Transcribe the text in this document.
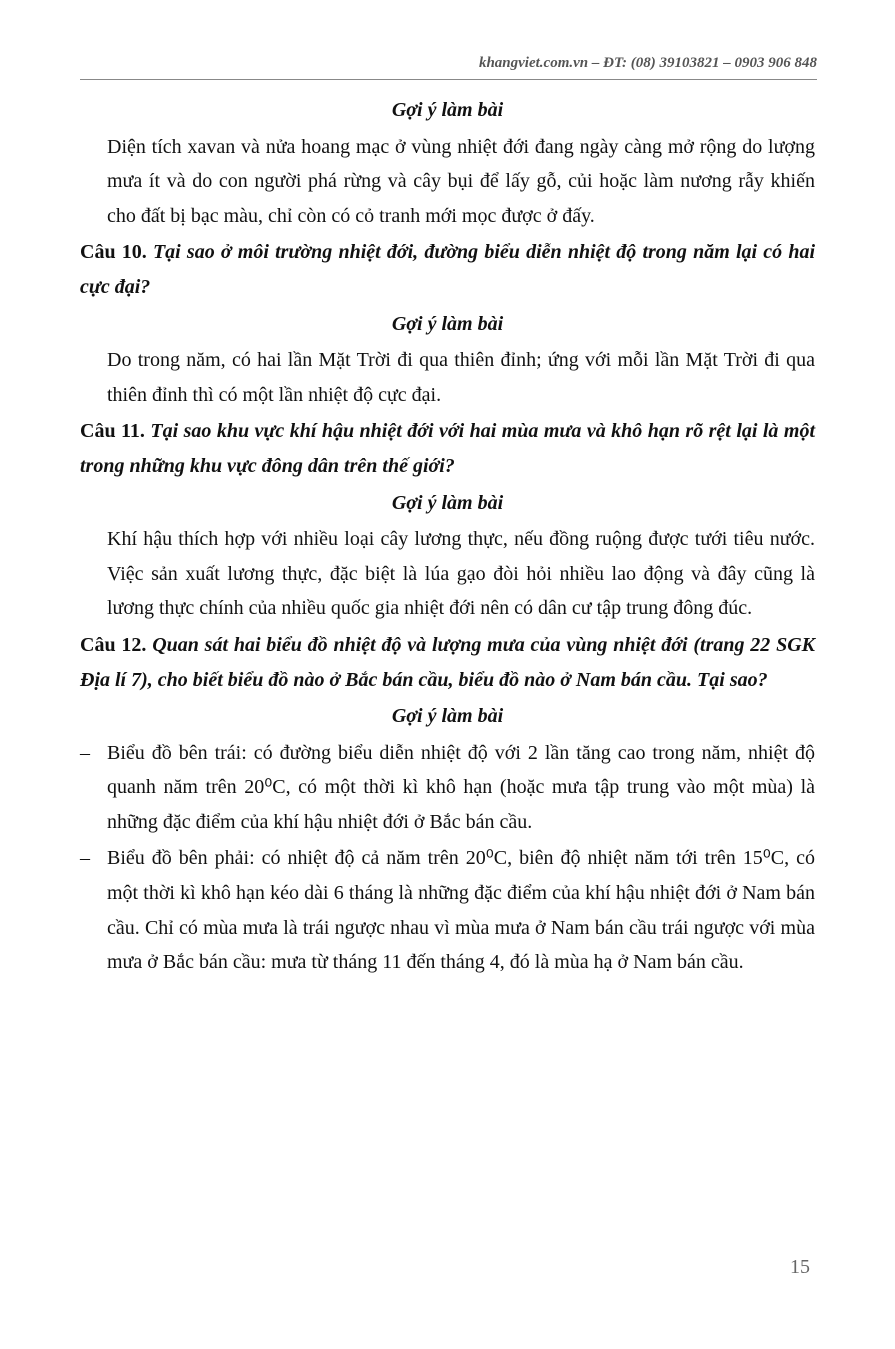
khangviet.com.vn – ĐT: (08) 39103821 – 0903 906 848
Gợi ý làm bài
Diện tích xavan và nửa hoang mạc ở vùng nhiệt đới đang ngày càng mở rộng do lượng mưa ít và do con người phá rừng và cây bụi để lấy gỗ, củi hoặc làm nương rẫy khiến cho đất bị bạc màu, chỉ còn có cỏ tranh mới mọc được ở đấy.
Câu 10. Tại sao ở môi trường nhiệt đới, đường biểu diễn nhiệt độ trong năm lại có hai cực đại?
Gợi ý làm bài
Do trong năm, có hai lần Mặt Trời đi qua thiên đỉnh; ứng với mỗi lần Mặt Trời đi qua thiên đỉnh thì có một lần nhiệt độ cực đại.
Câu 11. Tại sao khu vực khí hậu nhiệt đới với hai mùa mưa và khô hạn rõ rệt lại là một trong những khu vực đông dân trên thế giới?
Gợi ý làm bài
Khí hậu thích hợp với nhiều loại cây lương thực, nếu đồng ruộng được tưới tiêu nước. Việc sản xuất lương thực, đặc biệt là lúa gạo đòi hỏi nhiều lao động và đây cũng là lương thực chính của nhiều quốc gia nhiệt đới nên có dân cư tập trung đông đúc.
Câu 12. Quan sát hai biểu đồ nhiệt độ và lượng mưa của vùng nhiệt đới (trang 22 SGK Địa lí 7), cho biết biểu đồ nào ở Bắc bán cầu, biểu đồ nào ở Nam bán cầu. Tại sao?
Gợi ý làm bài
– Biểu đồ bên trái: có đường biểu diễn nhiệt độ với 2 lần tăng cao trong năm, nhiệt độ quanh năm trên 20⁰C, có một thời kì khô hạn (hoặc mưa tập trung vào một mùa) là những đặc điểm của khí hậu nhiệt đới ở Bắc bán cầu.
– Biểu đồ bên phải: có nhiệt độ cả năm trên 20⁰C, biên độ nhiệt năm tới trên 15⁰C, có một thời kì khô hạn kéo dài 6 tháng là những đặc điểm của khí hậu nhiệt đới ở Nam bán cầu. Chỉ có mùa mưa là trái ngược nhau vì mùa mưa ở Nam bán cầu trái ngược với mùa mưa ở Bắc bán cầu: mưa từ tháng 11 đến tháng 4, đó là mùa hạ ở Nam bán cầu.
15
